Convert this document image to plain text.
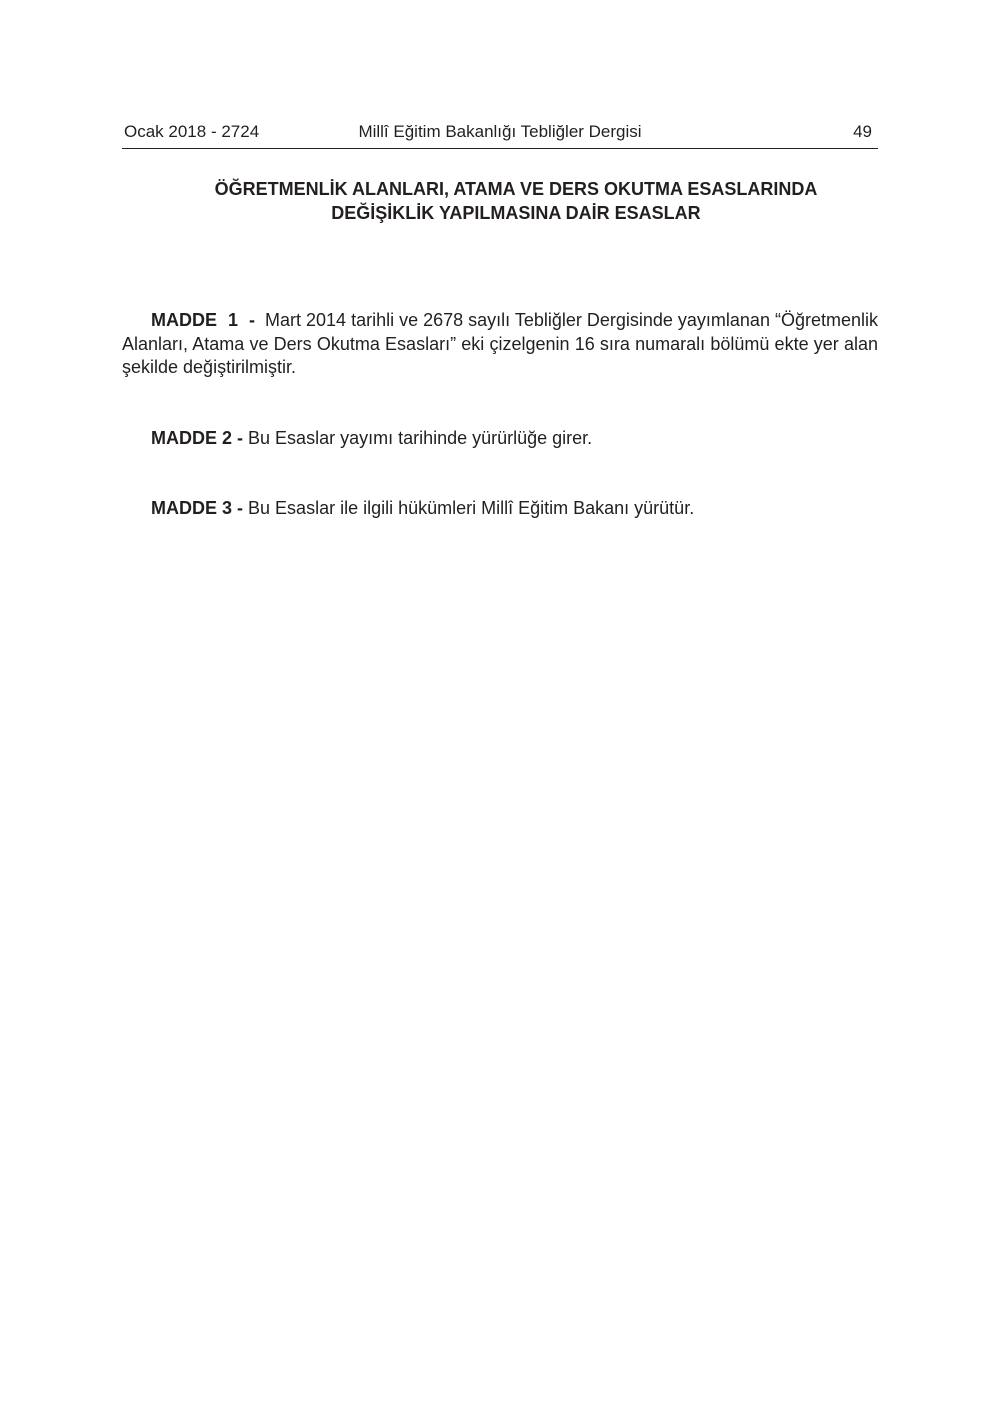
Ocak 2018 - 2724	Millî Eğitim Bakanlığı Tebliğler Dergisi	49
ÖĞRETMENLİK ALANLARI, ATAMA VE DERS OKUTMA ESASLARINDA
DEĞİŞİKLİK YAPILMASINA DAİR ESASLAR
MADDE 1 - Mart 2014 tarihli ve 2678 sayılı Tebliğler Dergisinde yayımlanan “Öğretmenlik Alanları, Atama ve Ders Okutma Esasları” eki çizelgenin 16 sıra numaralı bölümü ekte yer alan şekilde değiştirilmiştir.
MADDE 2 - Bu Esaslar yayımı tarihinde yürürlüğe girer.
MADDE 3 - Bu Esaslar ile ilgili hükümleri Millî Eğitim Bakanı yürütür.
